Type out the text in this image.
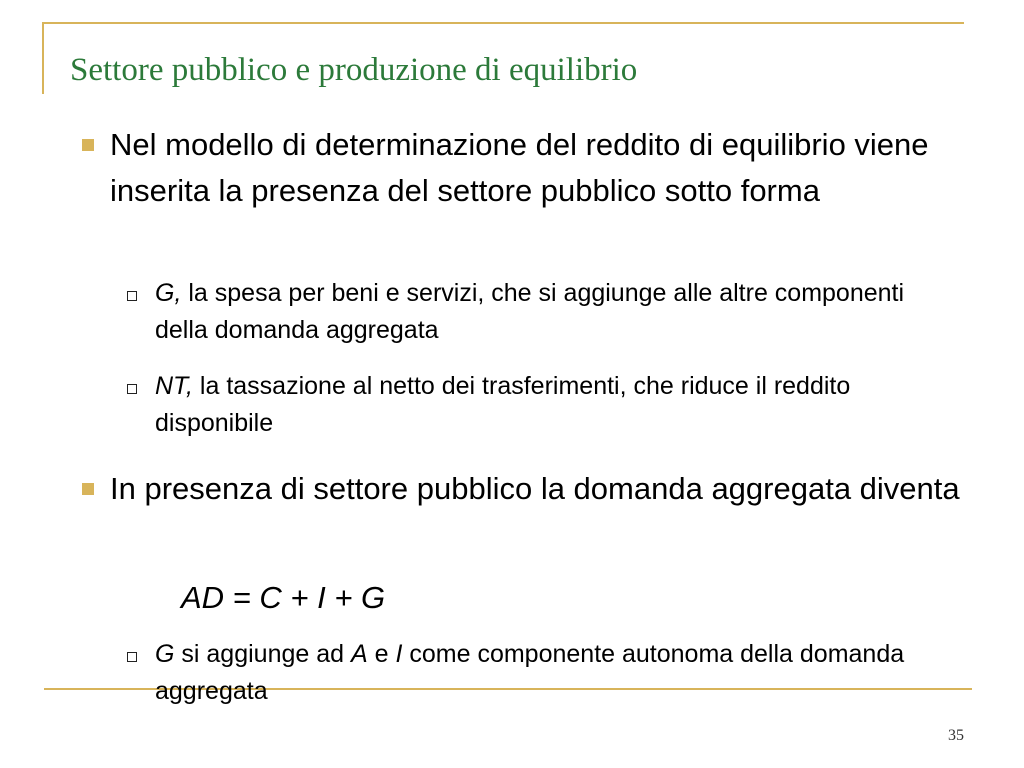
Settore pubblico e produzione di equilibrio
Nel modello di determinazione del reddito di equilibrio viene inserita la presenza del settore pubblico sotto forma
G, la spesa per beni e servizi, che si aggiunge alle altre componenti della domanda aggregata
NT, la tassazione al netto dei trasferimenti, che riduce il reddito disponibile
In presenza di settore pubblico la domanda aggregata diventa
AD = C + I + G
G si aggiunge ad A e I come componente autonoma della domanda aggregata
35
